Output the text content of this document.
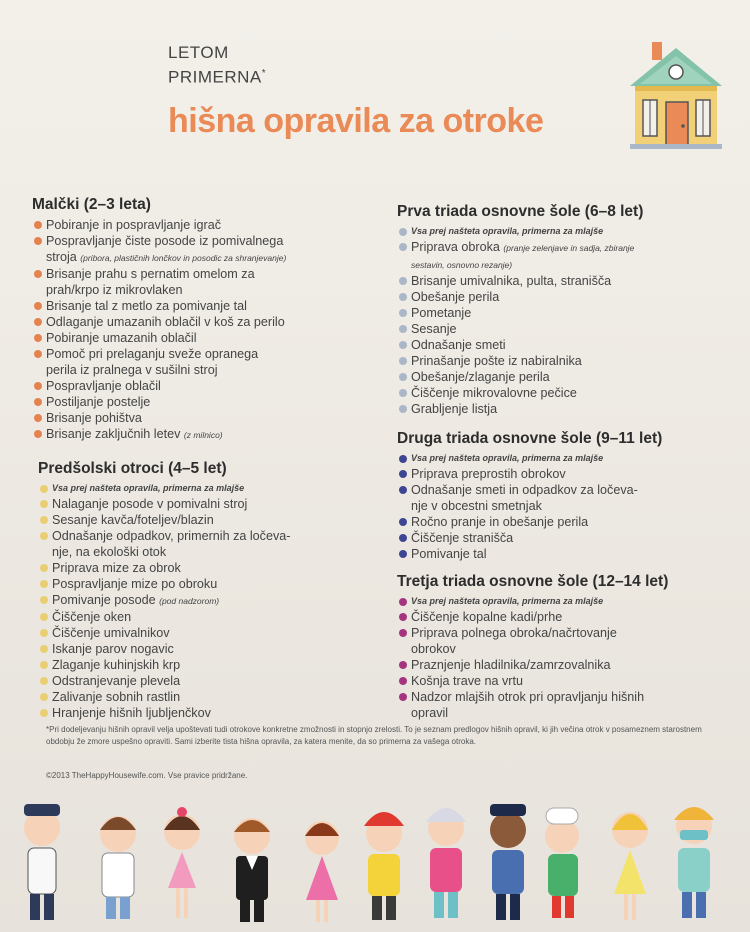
LETOM
PRIMERNA*
hišna opravila za otroke
Malčki (2–3 leta)
Pobiranje in pospravljanje igrač
Pospravljanje čiste posode iz pomivalnega
stroja (pribora, plastičnih lončkov in posodic za shranjevanje)
Brisanje prahu s pernatim omelom za
prah/krpo iz mikrovlaken
Brisanje tal z metlo za pomivanje tal
Odlaganje umazanih oblačil v koš za perilo
Pobiranje umazanih oblačil
Pomoč pri prelaganju sveže opranega
perila iz pralnega v sušilni stroj
Pospravljanje oblačil
Postiljanje postelje
Brisanje pohištva
Brisanje zaključnih letev (z milnico)
Predšolski otroci (4–5 let)
Vsa prej našteta opravila, primerna za mlajše
Nalaganje posode v pomivalni stroj
Sesanje kavča/foteljev/blazin
Odnašanje odpadkov, primernih za ločeva-
nje, na ekološki otok
Priprava mize za obrok
Pospravljanje mize po obroku
Pomivanje posode (pod nadzorom)
Čiščenje oken
Čiščenje umivalnikov
Iskanje parov nogavic
Zlaganje kuhinjskih krp
Odstranjevanje plevela
Zalivanje sobnih rastlin
Hranjenje hišnih ljubljenčkov
Prva triada osnovne šole (6–8 let)
Vsa prej našteta opravila, primerna za mlajše
Priprava obroka (pranje zelenjave in sadja, zbiranje
sestavin, osnovno rezanje)
Brisanje umivalnika, pulta, stranišča
Obešanje perila
Pometanje
Sesanje
Odnašanje smeti
Prinašanje pošte iz nabiralnika
Obešanje/zlaganje perila
Čiščenje mikrovalovne pečice
Grabljenje listja
Druga triada osnovne šole (9–11 let)
Vsa prej našteta opravila, primerna za mlajše
Priprava preprostih obrokov
Odnašanje smeti in odpadkov za ločeva-
nje v obcestni smetnjak
Ročno pranje in obešanje perila
Čiščenje stranišča
Pomivanje tal
Tretja triada osnovne šole (12–14 let)
Vsa prej našteta opravila, primerna za mlajše
Čiščenje kopalne kadi/prhe
Priprava polnega obroka/načrtovanje
obrokov
Praznjenje hladilnika/zamrzovalnika
Košnja trave na vrtu
Nadzor mlajših otrok pri opravljanju hišnih
opravil
*Pri dodeljevanju hišnih opravil velja upoštevati tudi otrokove konkretne zmožnosti in stopnjo zrelosti. To je seznam predlogov hišnih opravil, ki jih večina otrok v posameznem starostnem obdobju že zmore uspešno opraviti. Sami izberite tista hišna opravila, za katera menite, da so primerna za vašega otroka.
©2013 TheHappyHousewife.com. Vse pravice pridržane.
